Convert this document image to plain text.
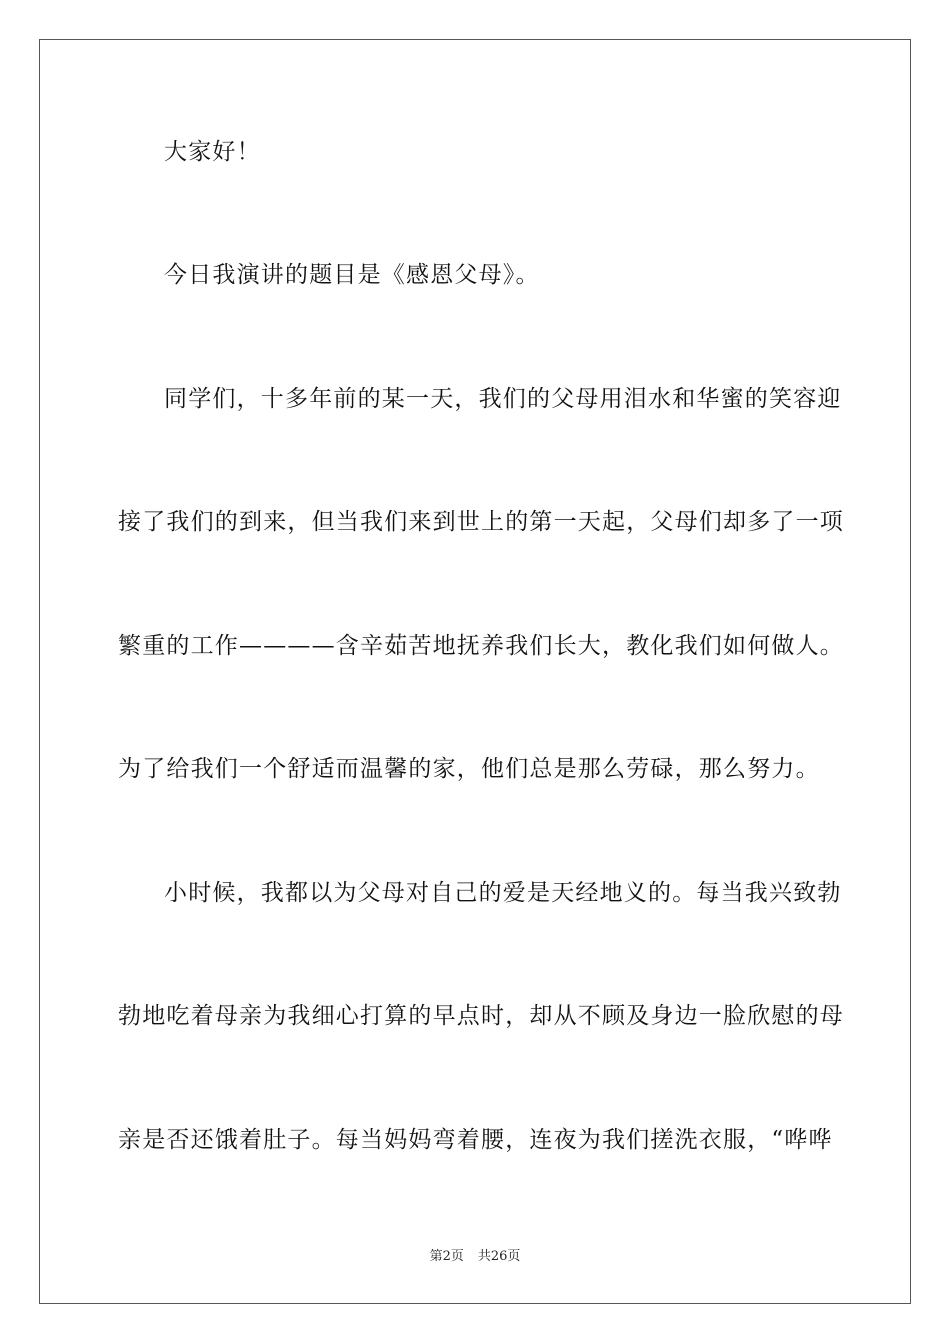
大家好！
今日我演讲的题目是《感恩父母》。
同学们，十多年前的某一天，我们的父母用泪水和华蜜的笑容迎
接了我们的到来，但当我们来到世上的第一天起，父母们却多了一项
繁重的工作————含辛茹苦地抚养我们长大，教化我们如何做人。
为了给我们一个舒适而温馨的家，他们总是那么劳碌，那么努力。
小时候，我都以为父母对自己的爱是天经地义的。每当我兴致勃
勃地吃着母亲为我细心打算的早点时，却从不顾及身边一脸欣慰的母
亲是否还饿着肚子。每当妈妈弯着腰，连夜为我们搓洗衣服，“哗哗
第2页 共26页
